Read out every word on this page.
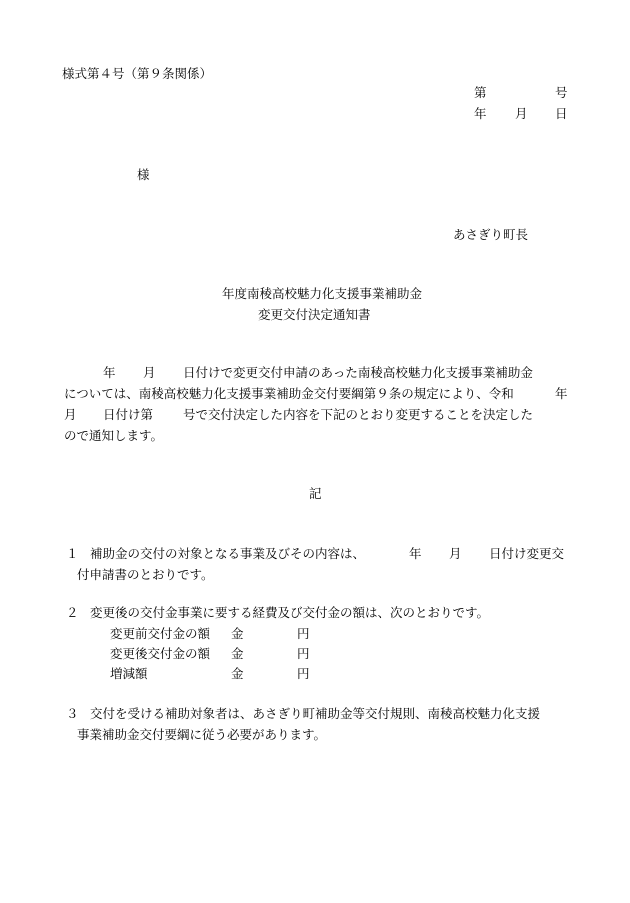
様式第４号（第９条関係）
第	号
年 月 日
様
あさぎり町長
年度南稜高校魅力化支援事業補助金
変更交付決定通知書
年 月 日付けで変更交付申請のあった南稜高校魅力化支援事業補助金
については、南稜高校魅力化支援事業補助金交付要綱第９条の規定により、令和	年
月 日付け第 号で交付決定した内容を下記のとおり変更することを決定した
ので通知します。
記
１ 補助金の交付の対象となる事業及びその内容は、	年 月 日付け変更交
付申請書のとおりです。
２ 変更後の交付金事業に要する経費及び交付金の額は、次のとおりです。
変更前交付金の額 金	円
変更後交付金の額 金	円
増減額	金	円
３ 交付を受ける補助対象者は、あさぎり町補助金等交付規則、南稜高校魅力化支援
事業補助金交付要綱に従う必要があります。
